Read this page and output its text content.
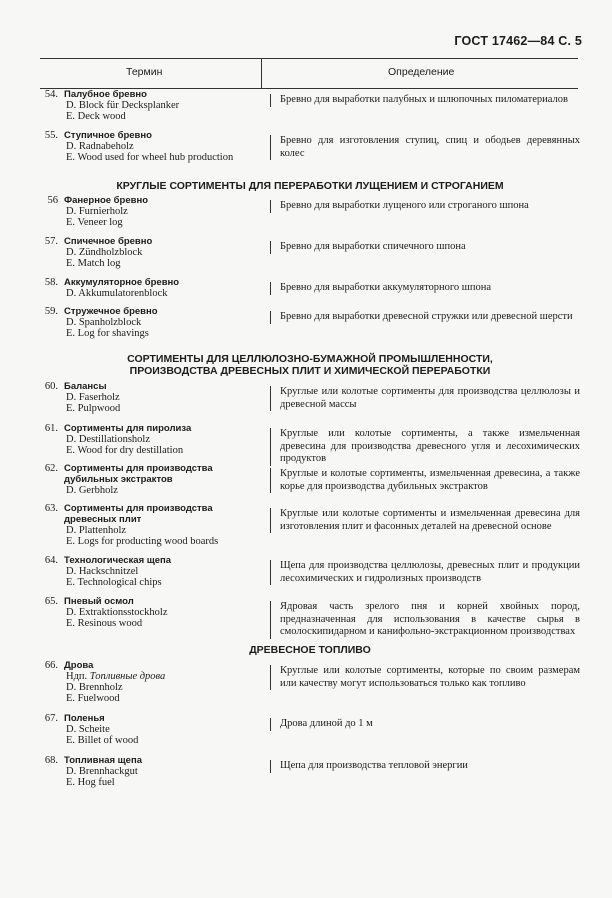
ГОСТ 17462—84 С. 5
Термин	Определение
54. Палубное бревно
D. Block für Decksplanker
E. Deck wood
Бревно для выработки палубных и шлюпочных пиломатериалов
55. Ступичное бревно
D. Radnabeholz
E. Wood used for wheel hub production
Бревно для изготовления ступиц, спиц и ободьев деревянных колес
КРУГЛЫЕ СОРТИМЕНТЫ ДЛЯ ПЕРЕРАБОТКИ ЛУЩЕНИЕМ И СТРОГАНИЕМ
56 Фанерное бревно
D. Furnierholz
E. Veneer log
Бревно для выработки лущеного или строганого шпона
57. Спичечное бревно
D. Zündholzblock
E. Match log
Бревно для выработки спичечного шпона
58. Аккумуляторное бревно
D. Akkumulatorenblock
Бревно для выработки аккумуляторного шпона
59. Стружечное бревно
D. Spanholzblock
E. Log for shavings
Бревно для выработки древесной стружки или древесной шерсти
СОРТИМЕНТЫ ДЛЯ ЦЕЛЛЮЛОЗНО-БУМАЖНОЙ ПРОМЫШЛЕННОСТИ,
ПРОИЗВОДСТВА ДРЕВЕСНЫХ ПЛИТ И ХИМИЧЕСКОЙ ПЕРЕРАБОТКИ
60. Балансы
D. Faserholz
E. Pulpwood
Круглые или колотые сортименты для производства целлюлозы и древесной массы
61. Сортименты для пиролиза
D. Destillationsholz
E. Wood for dry destillation
Круглые или колотые сортименты, а также измельченная древесина для производства древесного угля и лесохимических продуктов
62. Сортименты для производства дубильных экстрактов
D. Gerbholz
Круглые и колотые сортименты, измельченная древесина, а также корье для производства дубильных экстрактов
63. Сортименты для производства древесных плит
D. Plattenholz
E. Logs for producting wood boards
Круглые или колотые сортименты и измельченная древесина для изготовления плит и фасонных деталей на древесной основе
64. Технологическая щепа
D. Hackschnitzel
E. Technological chips
Щепа для производства целлюлозы, древесных плит и продукции лесохимических и гидролизных производств
65. Пневый осмол
D. Extraktionsstockholz
E. Resinous wood
Ядровая часть зрелого пня и корней хвойных пород, предназначенная для использования в качестве сырья в смолоскипидарном и канифольно-экстракционном производствах
ДРЕВЕСНОЕ ТОПЛИВО
66. Дрова
Ндп. Топливные дрова
D. Brennholz
E. Fuelwood
Круглые или колотые сортименты, которые по своим размерам или качеству могут использоваться только как топливо
67. Поленья
D. Scheite
E. Billet of wood
Дрова длиной до 1 м
68. Топливная щепа
D. Brennhackgut
E. Hog fuel
Щепа для производства тепловой энергии
